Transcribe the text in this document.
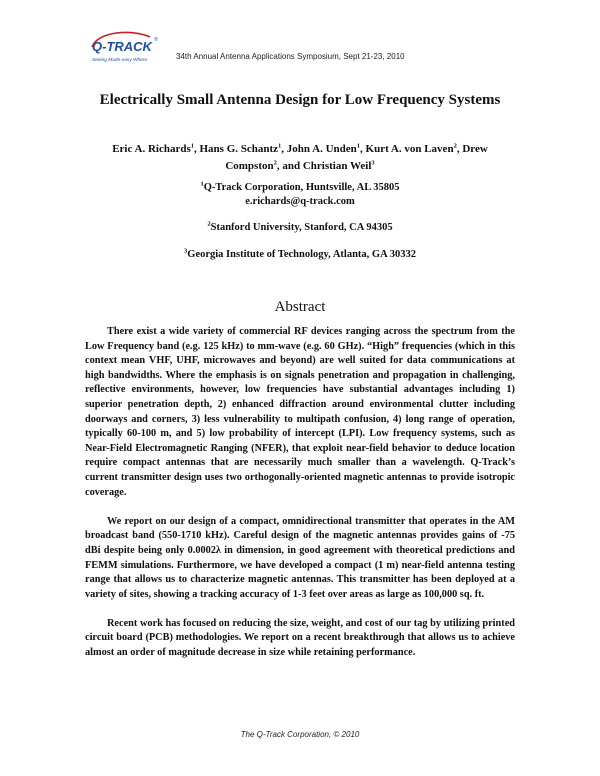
Q-TRACK ®
Seeing Made easy Where	34th Annual Antenna Applications Symposium, Sept 21-23, 2010
Electrically Small Antenna Design for Low Frequency Systems
Eric A. Richards$^1$, Hans G. Schantz$^1$, John A. Unden$^1$, Kurt A. von Laven$^2$, Drew Compston$^2$, and Christian Weil$^3$
$^1$Q-Track Corporation, Huntsville, AL 35805
e.richards@q-track.com
$^2$Stanford University, Stanford, CA 94305
$^3$Georgia Institute of Technology, Atlanta, GA 30332
Abstract

There exist a wide variety of commercial RF devices ranging across the spectrum from the Low Frequency band (e.g. 125 kHz) to mm-wave (e.g. 60 GHz). “High” frequencies (which in this context mean VHF, UHF, microwaves and beyond) are well suited for data communications at high bandwidths. Where the emphasis is on signals penetration and propagation in challenging, reflective environments, however, low frequencies have substantial advantages including 1) superior penetration depth, 2) enhanced diffraction around environmental clutter including doorways and corners, 3) less vulnerability to multipath confusion, 4) long range of operation, typically 60-100 m, and 5) low probability of intercept (LPI). Low frequency systems, such as Near-Field Electromagnetic Ranging (NFER), that exploit near-field behavior to deduce location require compact antennas that are necessarily much smaller than a wavelength. Q-Track’s current transmitter design uses two orthogonally-oriented magnetic antennas to provide isotropic coverage.

We report on our design of a compact, omnidirectional transmitter that operates in the AM broadcast band (550-1710 kHz). Careful design of the magnetic antennas provides gains of -75 dBi despite being only 0.0002λ in dimension, in good agreement with theoretical predictions and FEMM simulations. Furthermore, we have developed a compact (1 m) near-field antenna testing range that allows us to characterize magnetic antennas. This transmitter has been deployed at a variety of sites, showing a tracking accuracy of 1-3 feet over areas as large as 100,000 sq. ft.

Recent work has focused on reducing the size, weight, and cost of our tag by utilizing printed circuit board (PCB) methodologies. We report on a recent breakthrough that allows us to achieve almost an order of magnitude decrease in size while retaining performance.

The Q-Track Corporation, © 2010
